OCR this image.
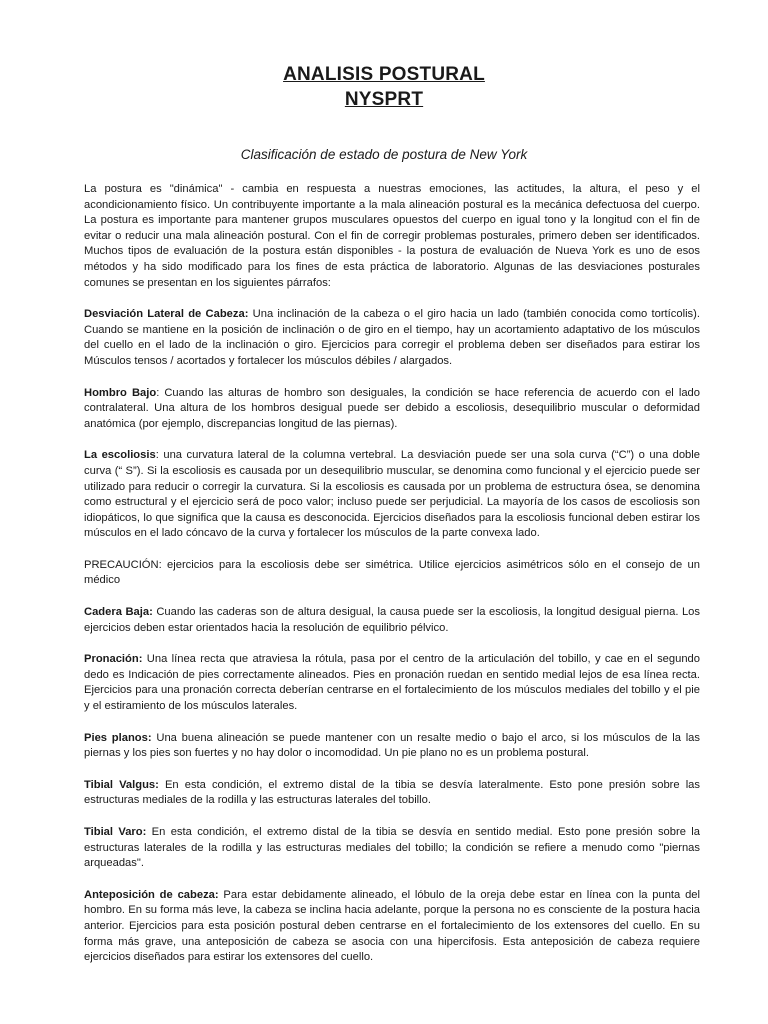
ANALISIS POSTURAL
NYSPRT

Clasificación de estado de postura de New York

La postura es "dinámica" - cambia en respuesta a nuestras emociones, las actitudes, la altura, el peso y el acondicionamiento físico. Un contribuyente importante a la mala alineación postural es la mecánica defectuosa del cuerpo. La postura es importante para mantener grupos musculares opuestos del cuerpo en igual tono y la longitud con el fin de evitar o reducir una mala alineación postural. Con el fin de corregir problemas posturales, primero deben ser identificados. Muchos tipos de evaluación de la postura están disponibles - la postura de evaluación de Nueva York es uno de esos métodos y ha sido modificado para los fines de esta práctica de laboratorio. Algunas de las desviaciones posturales comunes se presentan en los siguientes párrafos:

Desviación Lateral de Cabeza: Una inclinación de la cabeza o el giro hacia un lado (también conocida como tortícolis). Cuando se mantiene en la posición de inclinación o de giro en el tiempo, hay un acortamiento adaptativo de los músculos del cuello en el lado de la inclinación o giro. Ejercicios para corregir el problema deben ser diseñados para estirar los Músculos tensos / acortados y fortalecer los músculos débiles / alargados.

Hombro Bajo: Cuando las alturas de hombro son desiguales, la condición se hace referencia de acuerdo con el lado contralateral. Una altura de los hombros desigual puede ser debido a escoliosis, desequilibrio muscular o deformidad anatómica (por ejemplo, discrepancias longitud de las piernas).

La escoliosis: una curvatura lateral de la columna vertebral. La desviación puede ser una sola curva (“C”) o una doble curva (“ S”). Si la escoliosis es causada por un desequilibrio muscular, se denomina como funcional y el ejercicio puede ser utilizado para reducir o corregir la curvatura. Si la escoliosis es causada por un problema de estructura ósea, se denomina como estructural y el ejercicio será de poco valor; incluso puede ser perjudicial. La mayoría de los casos de escoliosis son idiopáticos, lo que significa que la causa es desconocida. Ejercicios diseñados para la escoliosis funcional deben estirar los músculos en el lado cóncavo de la curva y fortalecer los músculos de la parte convexa lado.

PRECAUCIÓN: ejercicios para la escoliosis debe ser simétrica. Utilice ejercicios asimétricos sólo en el consejo de un médico

Cadera Baja: Cuando las caderas son de altura desigual, la causa puede ser la escoliosis, la longitud desigual pierna. Los ejercicios deben estar orientados hacia la resolución de equilibrio pélvico.

Pronación: Una línea recta que atraviesa la rótula, pasa por el centro de la articulación del tobillo, y cae en el segundo dedo es Indicación de pies correctamente alineados. Pies en pronación ruedan en sentido medial lejos de esa línea recta. Ejercicios para una pronación correcta deberían centrarse en el fortalecimiento de los músculos mediales del tobillo y el pie y el estiramiento de los músculos laterales.

Pies planos: Una buena alineación se puede mantener con un resalte medio o bajo el arco, si los músculos de la las piernas y los pies son fuertes y no hay dolor o incomodidad. Un pie plano no es un problema postural.

Tibial Valgus: En esta condición, el extremo distal de la tibia se desvía lateralmente. Esto pone presión sobre las estructuras mediales de la rodilla y las estructuras laterales del tobillo.

Tibial Varo: En esta condición, el extremo distal de la tibia se desvía en sentido medial. Esto pone presión sobre la estructuras laterales de la rodilla y las estructuras mediales del tobillo; la condición se refiere a menudo como "piernas arqueadas".

Anteposición de cabeza: Para estar debidamente alineado, el lóbulo de la oreja debe estar en línea con la punta del hombro. En su forma más leve, la cabeza se inclina hacia adelante, porque la persona no es consciente de la postura hacia anterior. Ejercicios para esta posición postural deben centrarse en el fortalecimiento de los extensores del cuello. En su forma más grave, una anteposición de cabeza se asocia con una hipercifosis. Esta anteposición de cabeza requiere ejercicios diseñados para estirar los extensores del cuello.
